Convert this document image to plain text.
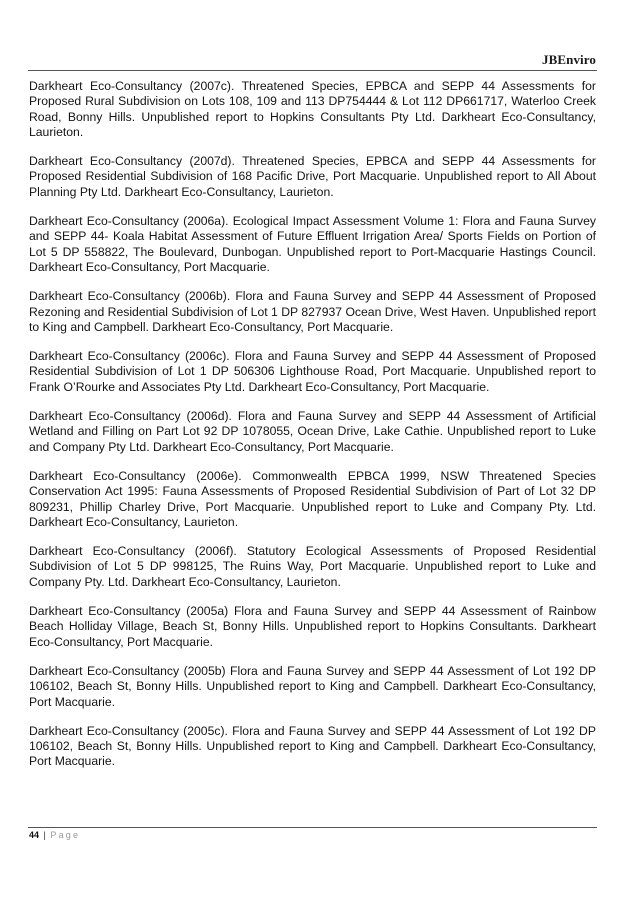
JBEnviro

Darkheart Eco-Consultancy (2007c). Threatened Species, EPBCA and SEPP 44 Assessments for Proposed Rural Subdivision on Lots 108, 109 and 113 DP754444 & Lot 112 DP661717, Waterloo Creek Road, Bonny Hills. Unpublished report to Hopkins Consultants Pty Ltd. Darkheart Eco-Consultancy, Laurieton.

Darkheart Eco-Consultancy (2007d). Threatened Species, EPBCA and SEPP 44 Assessments for Proposed Residential Subdivision of 168 Pacific Drive, Port Macquarie. Unpublished report to All About Planning Pty Ltd. Darkheart Eco-Consultancy, Laurieton.

Darkheart Eco-Consultancy (2006a). Ecological Impact Assessment Volume 1: Flora and Fauna Survey and SEPP 44- Koala Habitat Assessment of Future Effluent Irrigation Area/ Sports Fields on Portion of Lot 5 DP 558822, The Boulevard, Dunbogan. Unpublished report to Port-Macquarie Hastings Council. Darkheart Eco-Consultancy, Port Macquarie.

Darkheart Eco-Consultancy (2006b). Flora and Fauna Survey and SEPP 44 Assessment of Proposed Rezoning and Residential Subdivision of Lot 1 DP 827937 Ocean Drive, West Haven. Unpublished report to King and Campbell. Darkheart Eco-Consultancy, Port Macquarie.

Darkheart Eco-Consultancy (2006c). Flora and Fauna Survey and SEPP 44 Assessment of Proposed Residential Subdivision of Lot 1 DP 506306 Lighthouse Road, Port Macquarie. Unpublished report to Frank O’Rourke and Associates Pty Ltd. Darkheart Eco-Consultancy, Port Macquarie.

Darkheart Eco-Consultancy (2006d). Flora and Fauna Survey and SEPP 44 Assessment of Artificial Wetland and Filling on Part Lot 92 DP 1078055, Ocean Drive, Lake Cathie. Unpublished report to Luke and Company Pty Ltd. Darkheart Eco-Consultancy, Port Macquarie.

Darkheart Eco-Consultancy (2006e). Commonwealth EPBCA 1999, NSW Threatened Species Conservation Act 1995: Fauna Assessments of Proposed Residential Subdivision of Part of Lot 32 DP 809231, Phillip Charley Drive, Port Macquarie. Unpublished report to Luke and Company Pty. Ltd. Darkheart Eco-Consultancy, Laurieton.

Darkheart Eco-Consultancy (2006f). Statutory Ecological Assessments of Proposed Residential Subdivision of Lot 5 DP 998125, The Ruins Way, Port Macquarie. Unpublished report to Luke and Company Pty. Ltd. Darkheart Eco-Consultancy, Laurieton.

Darkheart Eco-Consultancy (2005a) Flora and Fauna Survey and SEPP 44 Assessment of Rainbow Beach Holliday Village, Beach St, Bonny Hills. Unpublished report to Hopkins Consultants. Darkheart Eco-Consultancy, Port Macquarie.

Darkheart Eco-Consultancy (2005b) Flora and Fauna Survey and SEPP 44 Assessment of Lot 192 DP 106102, Beach St, Bonny Hills. Unpublished report to King and Campbell. Darkheart Eco-Consultancy, Port Macquarie.

Darkheart Eco-Consultancy (2005c). Flora and Fauna Survey and SEPP 44 Assessment of Lot 192 DP 106102, Beach St, Bonny Hills. Unpublished report to King and Campbell. Darkheart Eco-Consultancy, Port Macquarie.

44 | Page
